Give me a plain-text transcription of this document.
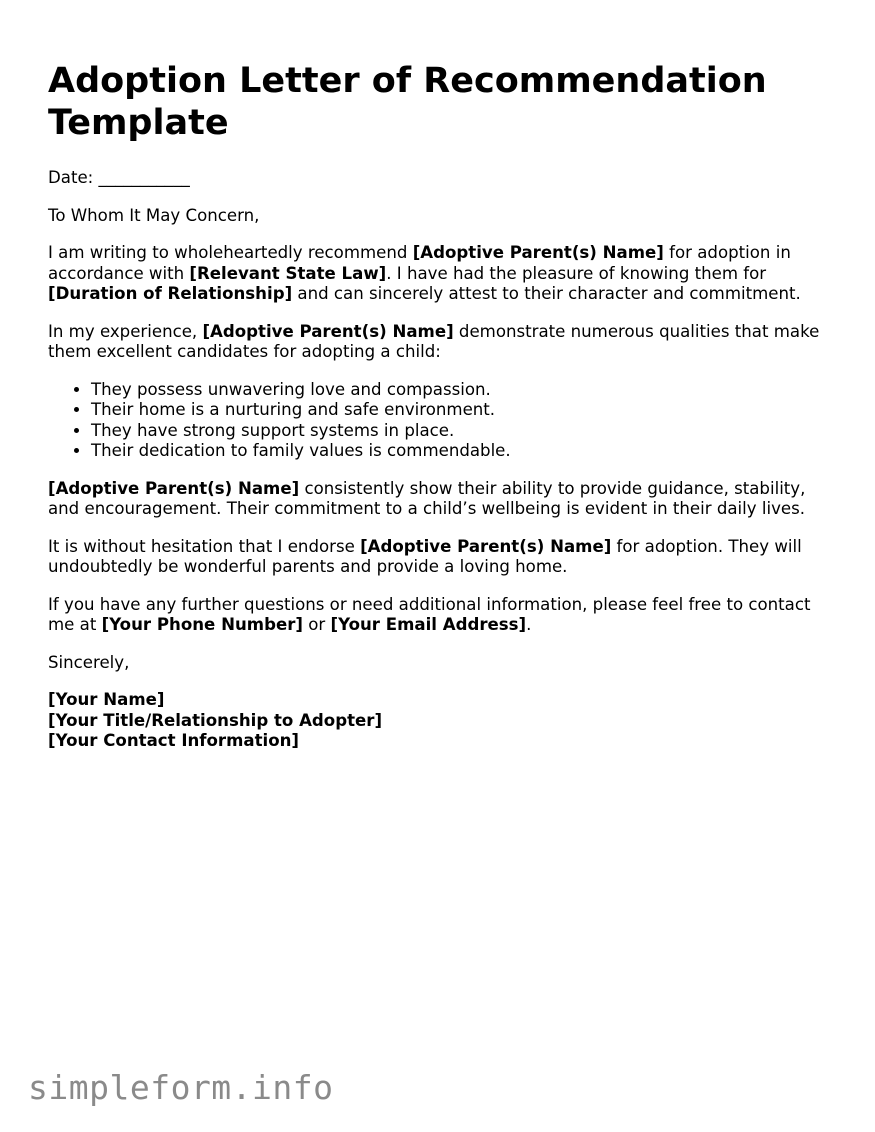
Adoption Letter of Recommendation Template

Date: ___________

To Whom It May Concern,

I am writing to wholeheartedly recommend [Adoptive Parent(s) Name] for adoption in accordance with [Relevant State Law]. I have had the pleasure of knowing them for [Duration of Relationship] and can sincerely attest to their character and commitment.

In my experience, [Adoptive Parent(s) Name] demonstrate numerous qualities that make them excellent candidates for adopting a child:

• They possess unwavering love and compassion.
• Their home is a nurturing and safe environment.
• They have strong support systems in place.
• Their dedication to family values is commendable.

[Adoptive Parent(s) Name] consistently show their ability to provide guidance, stability, and encouragement. Their commitment to a child’s wellbeing is evident in their daily lives.

It is without hesitation that I endorse [Adoptive Parent(s) Name] for adoption. They will undoubtedly be wonderful parents and provide a loving home.

If you have any further questions or need additional information, please feel free to contact me at [Your Phone Number] or [Your Email Address].

Sincerely,

[Your Name]
[Your Title/Relationship to Adopter]
[Your Contact Information]
simpleform.info
